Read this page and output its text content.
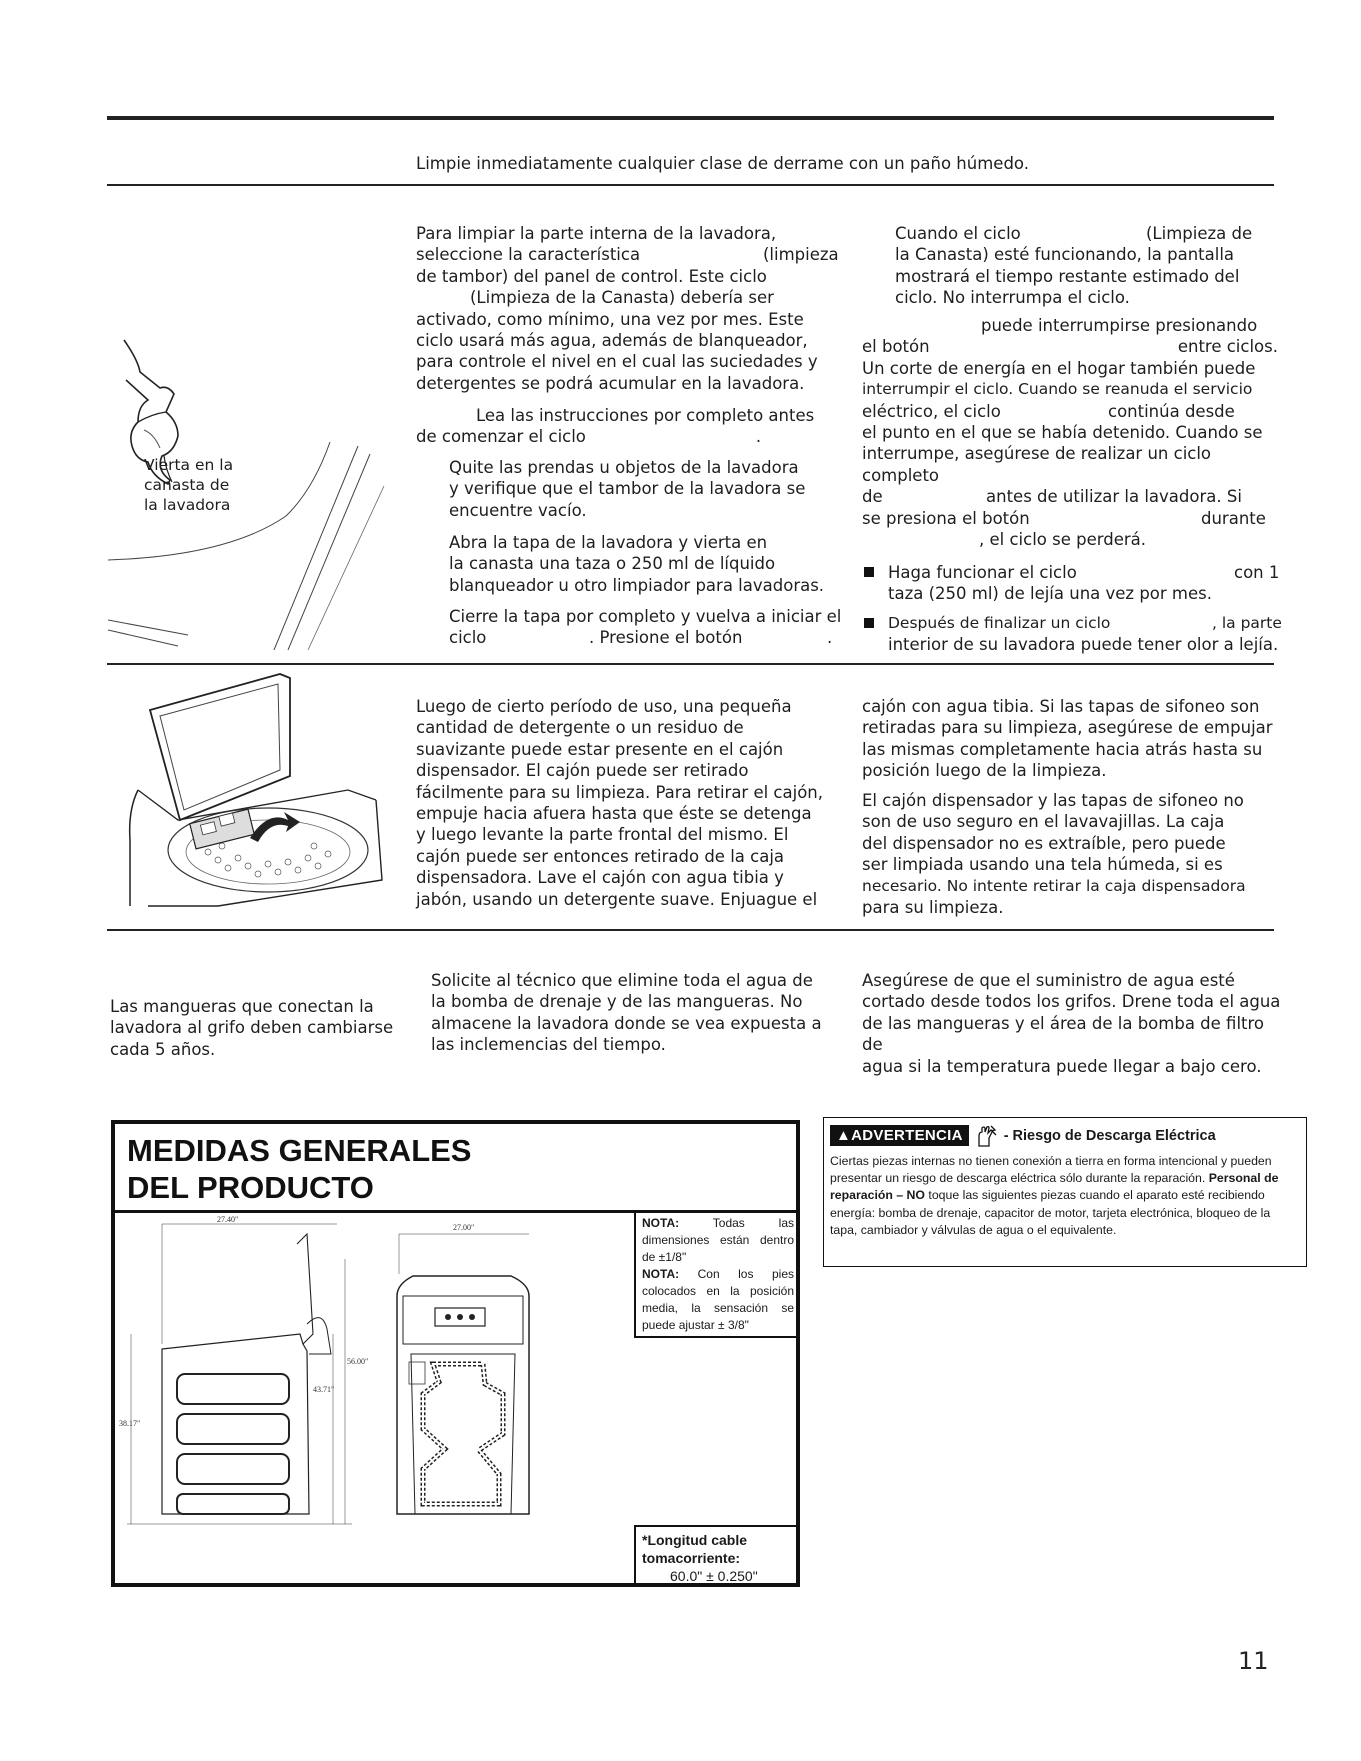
Limpie inmediatamente cualquier clase de derrame con un paño húmedo.
Vierta en la
canasta de
la lavadora
Para limpiar la parte interna de la lavadora,
seleccione la característica	(limpieza
de tambor) del panel de control. Este ciclo
(Limpieza de la Canasta) debería ser
activado, como mínimo, una vez por mes. Este
ciclo usará más agua, además de blanqueador,
para controle el nivel en el cual las suciedades y
detergentes se podrá acumular en la lavadora.
Lea las instrucciones por completo antes
de comenzar el ciclo	.
Quite las prendas u objetos de la lavadora
y verifique que el tambor de la lavadora se
encuentre vacío.
Abra la tapa de la lavadora y vierta en
la canasta una taza o 250 ml de líquido
blanqueador u otro limpiador para lavadoras.
Cierre la tapa por completo y vuelva a iniciar el
ciclo	. Presione el botón	.
Cuando el ciclo	(Limpieza de
la Canasta) esté funcionando, la pantalla
mostrará el tiempo restante estimado del
ciclo. No interrumpa el ciclo.
puede interrumpirse presionando
el botón	entre ciclos.
Un corte de energía en el hogar también puede
interrumpir el ciclo. Cuando se reanuda el servicio
eléctrico, el ciclo	continúa desde
el punto en el que se había detenido. Cuando se
interrumpe, asegúrese de realizar un ciclo completo
de	antes de utilizar la lavadora. Si
se presiona el botón	durante
, el ciclo se perderá.
Haga funcionar el ciclo	con 1
taza (250 ml) de lejía una vez por mes.
Después de finalizar un ciclo	, la parte
interior de su lavadora puede tener olor a lejía.
Luego de cierto período de uso, una pequeña
cantidad de detergente o un residuo de
suavizante puede estar presente en el cajón
dispensador. El cajón puede ser retirado
fácilmente para su limpieza. Para retirar el cajón,
empuje hacia afuera hasta que éste se detenga
y luego levante la parte frontal del mismo. El
cajón puede ser entonces retirado de la caja
dispensadora. Lave el cajón con agua tibia y
jabón, usando un detergente suave. Enjuague el
cajón con agua tibia. Si las tapas de sifoneo son
retiradas para su limpieza, asegúrese de empujar
las mismas completamente hacia atrás hasta su
posición luego de la limpieza.
El cajón dispensador y las tapas de sifoneo no
son de uso seguro en el lavavajillas. La caja
del dispensador no es extraíble, pero puede
ser limpiada usando una tela húmeda, si es
necesario. No intente retirar la caja dispensadora
para su limpieza.
Las mangueras que conectan la
lavadora al grifo deben cambiarse
cada 5 años.
Solicite al técnico que elimine toda el agua de
la bomba de drenaje y de las mangueras. No
almacene la lavadora donde se vea expuesta a
las inclemencias del tiempo.
Asegúrese de que el suministro de agua esté
cortado desde todos los grifos. Drene toda el agua
de las mangueras y el área de la bomba de filtro de
agua si la temperatura puede llegar a bajo cero.
MEDIDAS GENERALES
DEL PRODUCTO
27.40"
38.17"
56.00"
43.71"
27.00"	NOTA:	Todas las dimensiones están dentro de ±1/8"
NOTA: Con los pies colocados en la posición media, la sensación se puede ajustar ± 3/8"
*Longitud cable tomacorriente:
60.0" ± 0.250"
▲ADVERTENCIA	- Riesgo de Descarga Eléctrica
Ciertas piezas internas no tienen conexión a tierra en forma intencional y pueden presentar un riesgo de descarga eléctrica sólo durante la reparación. Personal de reparación – NO toque las siguientes piezas cuando el aparato esté recibiendo energía: bomba de drenaje, capacitor de motor, tarjeta electrónica, bloqueo de la tapa, cambiador y válvulas de agua o el equivalente.
11
